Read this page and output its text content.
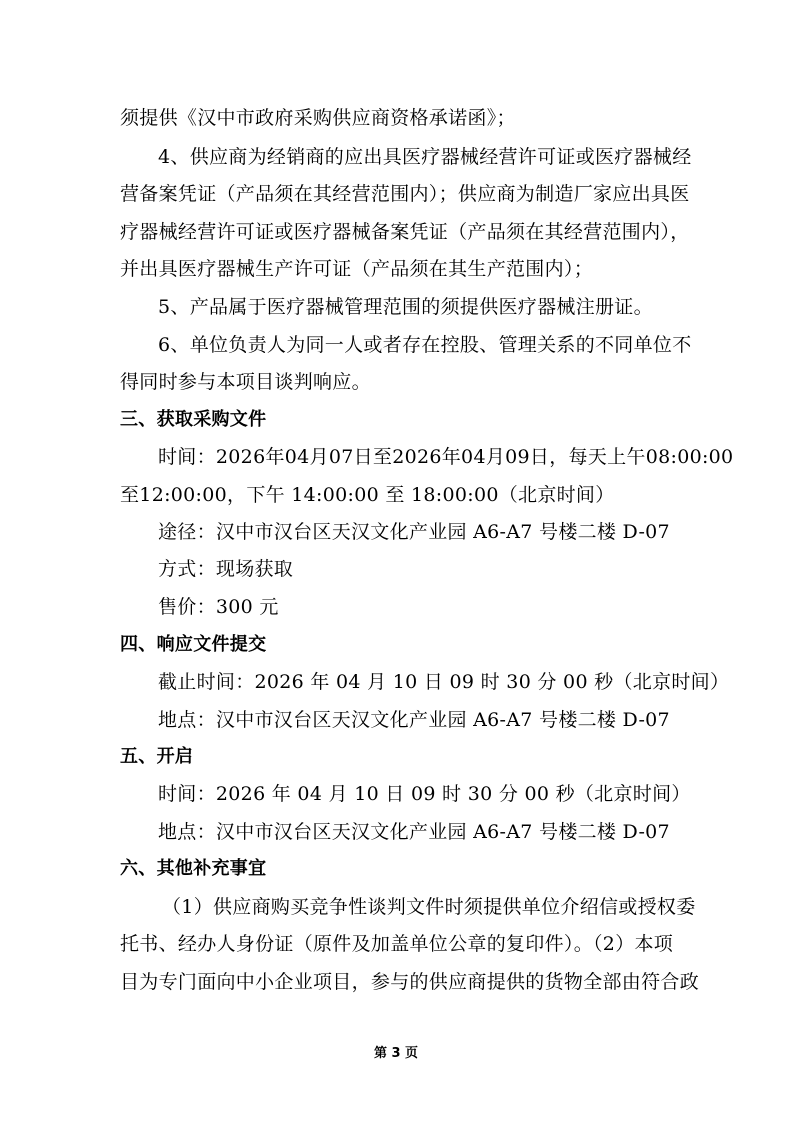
须提供《汉中市政府采购供应商资格承诺函》；
4、供应商为经销商的应出具医疗器械经营许可证或医疗器械经
营备案凭证（产品须在其经营范围内）；供应商为制造厂家应出具医
疗器械经营许可证或医疗器械备案凭证（产品须在其经营范围内），
并出具医疗器械生产许可证（产品须在其生产范围内）；
5、产品属于医疗器械管理范围的须提供医疗器械注册证。
6、单位负责人为同一人或者存在控股、管理关系的不同单位不
得同时参与本项目谈判响应。
三、获取采购文件
时间：2026年04月07日至2026年04月09日，每天上午08:00:00
至12:00:00，下午 14:00:00 至 18:00:00（北京时间）
途径：汉中市汉台区天汉文化产业园 A6-A7 号楼二楼 D-07
方式：现场获取
售价：300 元
四、响应文件提交
截止时间：2026 年 04 月 10 日 09 时 30 分 00 秒（北京时间）
地点：汉中市汉台区天汉文化产业园 A6-A7 号楼二楼 D-07
五、开启
时间：2026 年 04 月 10 日 09 时 30 分 00 秒（北京时间）
地点：汉中市汉台区天汉文化产业园 A6-A7 号楼二楼 D-07
六、其他补充事宜
（1）供应商购买竞争性谈判文件时须提供单位介绍信或授权委
托书、经办人身份证（原件及加盖单位公章的复印件）。（2）本项
目为专门面向中小企业项目，参与的供应商提供的货物全部由符合政
第 3 页
